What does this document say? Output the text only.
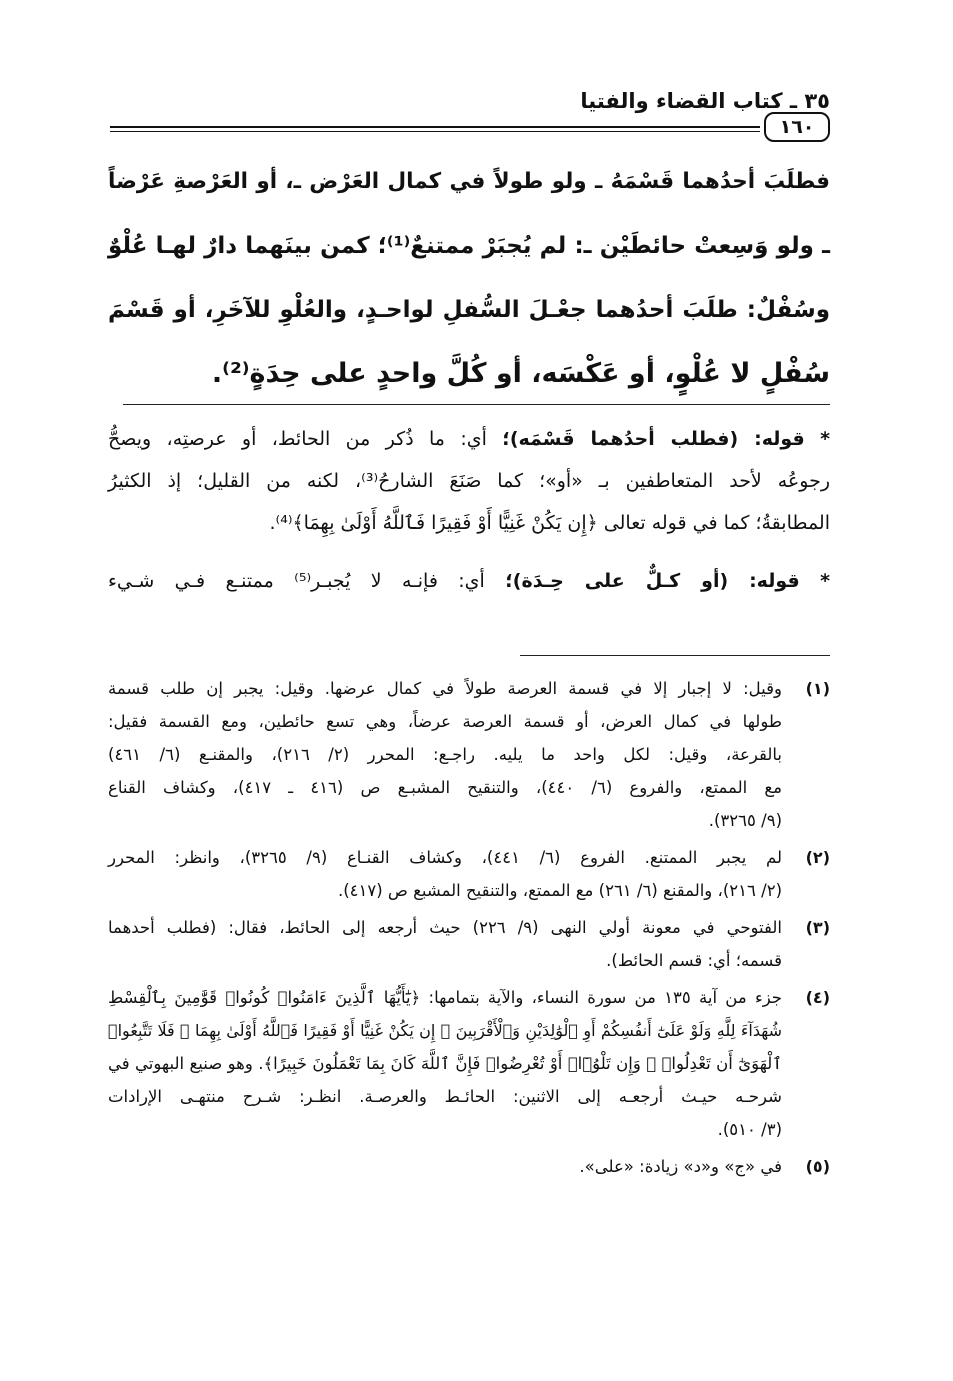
٣٥ ـ كتاب القضاء والفتيا
١٦٠
فطلَبَ أحدُهما قَسْمَهُ ـ ولو طولاً في كمال العَرْض ـ، أو العَرْصةِ عَرْضاً
ـ ولو وَسِعتْ حائطَيْن ـ: لم يُجبَرْ ممتنعٌ⁽¹⁾؛ كمن بينَهما دارٌ لهـا عُلْوٌ
وسُفْلٌ: طلَبَ أحدُهما جعْـلَ السُّفلِ لواحـدٍ، والعُلْوِ للآخَرِ، أو قَسْمَ
سُفْلٍ لا عُلْوٍ، أو عَكْسَه، أو كُلَّ واحدٍ على حِدَةٍ⁽²⁾.
* قوله: (فطلب أحدُهما قَسْمَه)؛ أي: ما ذُكر من الحائط، أو عرصتِه، ويصحُّ
رجوعُه لأحد المتعاطفين بـ «أو»؛ كما صَنَعَ الشارحُ⁽³⁾، لكنه من القليل؛ إذ الكثيرُ
المطابقةُ؛ كما في قوله تعالى ﴿إِن يَكُنْ غَنِيًّا أَوْ فَقِيرًا فَٱللَّهُ أَوْلَىٰ بِهِمَا﴾⁽⁴⁾.
* قوله: (أو كـلٌّ على حِـدَة)؛ أي: فإنـه لا يُجبـر⁽⁵⁾ ممتنـع فـي شـيء
(١)
وقيل: لا إجبار إلا في قسمة العرصة طولاً في كمال عرضها. وقيل: يجبر إن طلب قسمة
طولها في كمال العرض، أو قسمة العرصة عرضاً، وهي تسع حائطين، ومع القسمة فقيل:
بالقرعة، وقيل: لكل واحد ما يليه. راجـع: المحرر (٢/ ٢١٦)، والمقنـع (٦/ ٤٦١)
مع الممتع، والفروع (٦/ ٤٤٠)، والتنقيح المشبـع ص (٤١٦ ـ ٤١٧)، وكشاف القناع
(٩/ ٣٢٦٥).
(٢)
لم يجبر الممتنع. الفروع (٦/ ٤٤١)، وكشاف القنـاع (٩/ ٣٢٦٥)، وانظر: المحرر
(٢/ ٢١٦)، والمقنع (٦/ ٢٦١) مع الممتع، والتنقيح المشبع ص (٤١٧).
(٣)
الفتوحي في معونة أولي النهى (٩/ ٢٢٦) حيث أرجعه إلى الحائط، فقال: (فطلب أحدهما
قسمه؛ أي: قسم الحائط).
(٤)
جزء من آية ١٣٥ من سورة النساء، والآية بتمامها: ﴿يَٰٓأَيُّهَا ٱلَّذِينَ ءَامَنُوا۟ كُونُوا۟ قَوَّٰمِينَ بِٱلْقِسْطِ
شُهَدَآءَ لِلَّهِ وَلَوْ عَلَىٰٓ أَنفُسِكُمْ أَوِ ٱلْوَٰلِدَيْنِ وَٱلْأَقْرَبِينَ ۚ إِن يَكُنْ غَنِيًّا أَوْ فَقِيرًا فَٱللَّهُ أَوْلَىٰ بِهِمَا ۖ فَلَا تَتَّبِعُوا۟
ٱلْهَوَىٰٓ أَن تَعْدِلُوا۟ ۚ وَإِن تَلْوُۥٓا۟ أَوْ تُعْرِضُوا۟ فَإِنَّ ٱللَّهَ كَانَ بِمَا تَعْمَلُونَ خَبِيرًا﴾. وهو صنيع البهوتي في
شرحـه حيـث أرجعـه إلى الاثنين: الحائـط والعرصـة. انظـر: شـرح منتهـى الإرادات
(٣/ ٥١٠).
(٥)
في «ج» و«د» زيادة: «على».
